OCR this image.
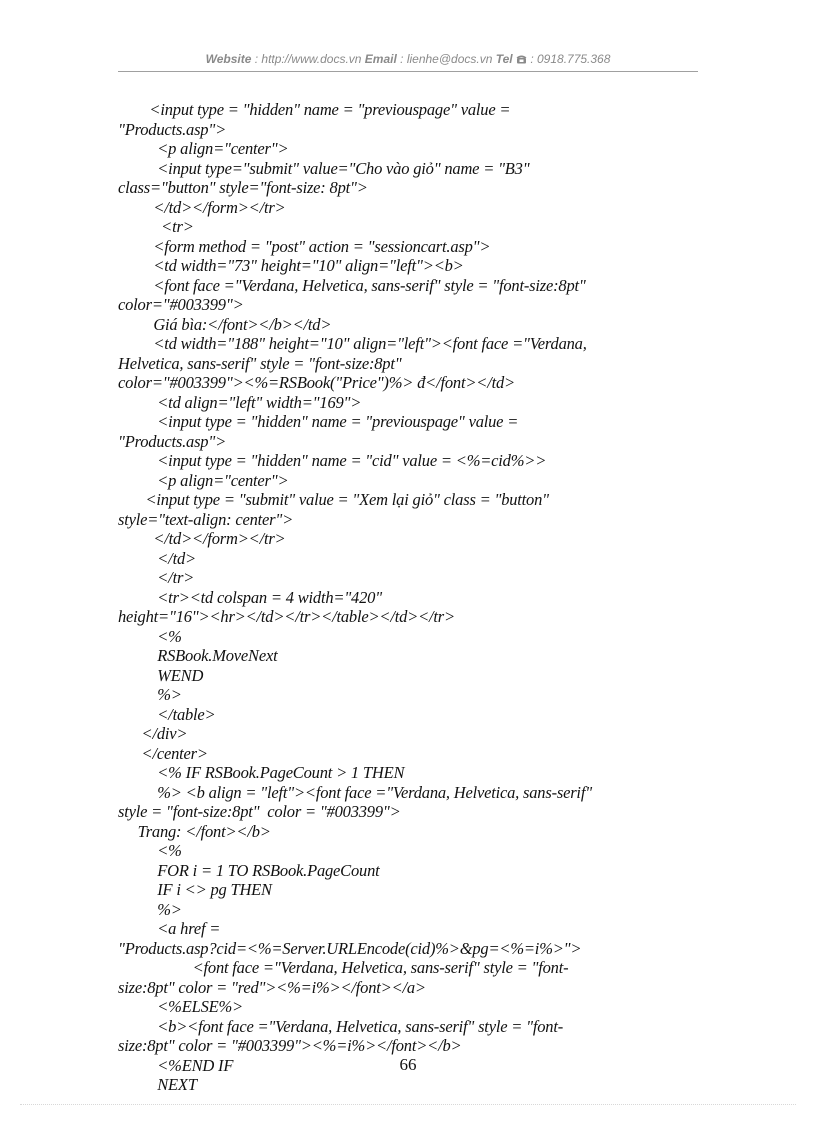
Website : http://www.docs.vn Email : lienhe@docs.vn Tel : 0918.775.368
<input type = "hidden" name = "previouspage" value =
"Products.asp">
<p align="center">
<input type="submit" value="Cho vào giỏ" name = "B3"
class="button" style="font-size: 8pt">
</td></form></tr>
<tr>
<form method = "post" action = "sessioncart.asp">
<td width="73" height="10" align="left"><b>
<font face ="Verdana, Helvetica, sans-serif" style = "font-size:8pt"
color="#003399">
Giá bìa:</font></b></td>
<td width="188" height="10" align="left"><font face ="Verdana,
Helvetica, sans-serif" style = "font-size:8pt"
color="#003399"><%=RSBook("Price")%> đ</font></td>
<td align="left" width="169">
<input type = "hidden" name = "previouspage" value =
"Products.asp">
<input type = "hidden" name = "cid" value = <%=cid%>>
<p align="center">
<input type = "submit" value = "Xem lại giỏ" class = "button"
style="text-align: center">
</td></form></tr>
</td>
</tr>
<tr><td colspan = 4 width="420"
height="16"><hr></td></tr></table></td></tr>
<%
RSBook.MoveNext
WEND
%>
</table>
</div>
</center>
<% IF RSBook.PageCount > 1 THEN
%> <b align = "left"><font face ="Verdana, Helvetica, sans-serif"
style = "font-size:8pt"  color = "#003399">
Trang: </font></b>
<%
FOR i = 1 TO RSBook.PageCount
IF i <> pg THEN
%>
<a href =
"Products.asp?cid=<%=Server.URLEncode(cid)%>&pg=<%=i%>">
<font face ="Verdana, Helvetica, sans-serif" style = "font-
size:8pt" color = "red"><%=i%></font></a>
<%ELSE%>
<b><font face ="Verdana, Helvetica, sans-serif" style = "font-
size:8pt" color = "#003399"><%=i%></font></b>
<%END IF
NEXT
66
